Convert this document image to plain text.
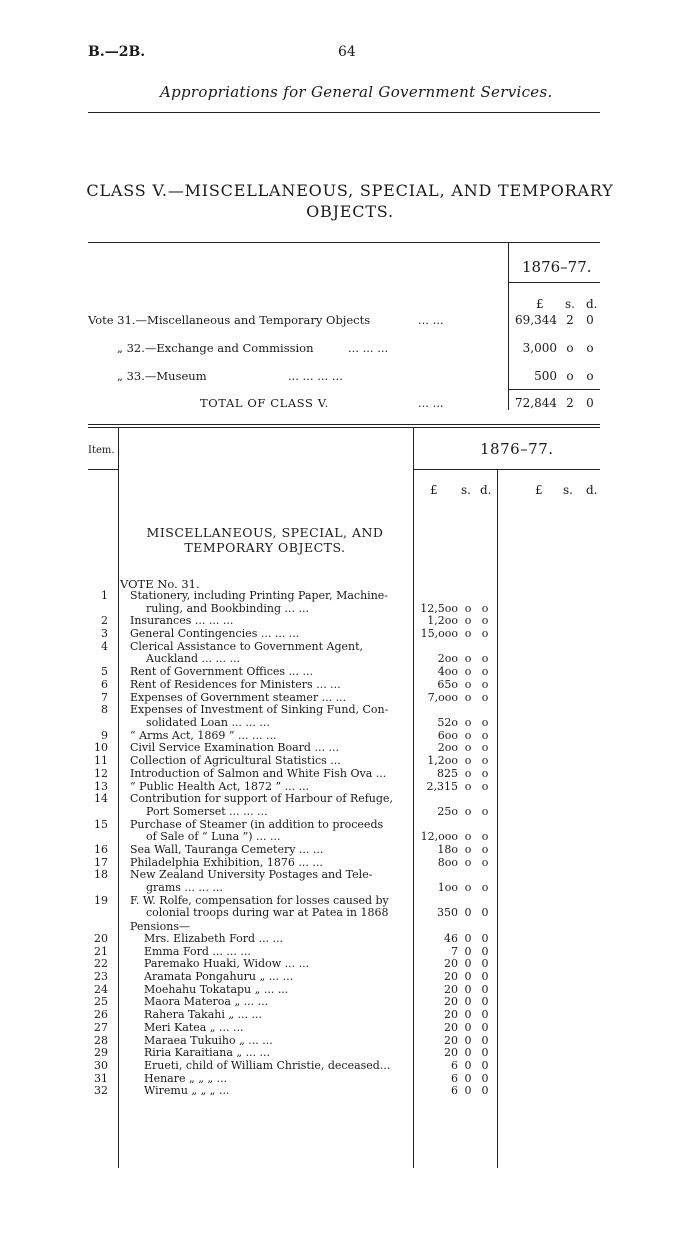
B.—2B.	64
Appropriations for General Government Services.
CLASS V.—MISCELLANEOUS, SPECIAL, AND TEMPORARY
OBJECTS.
1876–77.
£ s. d.
Vote 31.—Miscellaneous and Temporary Objects	... ...	69,344 2 0
„ 32.—Exchange and Commission	... ... ...	3,000 o o
„ 33.—Museum	... ... ... ...	500 o o
TOTAL OF CLASS V.	... ...	72,844 2 0
Item.	1876–77.
£ s. d.	£ s. d.
MISCELLANEOUS, SPECIAL, AND
TEMPORARY OBJECTS.
VOTE No. 31.
1 Stationery, including Printing Paper, Machine-
ruling, and Bookbinding ... ...	12,5oo o o
2 Insurances ... ... ...	1,2oo o o
3 General Contingencies ... ... ...	15,ooo o o
4 Clerical Assistance to Government Agent,
Auckland ... ... ...	2oo o o
5 Rent of Government Offices ... ...	4oo o o
6 Rent of Residences for Ministers ... ...	65o o o
7 Expenses of Government steamer ... ...	7,ooo o o
8 Expenses of Investment of Sinking Fund, Con-
solidated Loan ... ... ...	52o o o
9 “ Arms Act, 1869 ” ... ... ...	6oo o o
10 Civil Service Examination Board ... ...	2oo o o
11 Collection of Agricultural Statistics ...	1,2oo o o
12 Introduction of Salmon and White Fish Ova ...	825 o o
13 “ Public Health Act, 1872 ” ... ...	2,315 o o
14 Contribution for support of Harbour of Refuge,
Port Somerset ... ... ...	25o o o
15 Purchase of Steamer (in addition to proceeds
of Sale of “ Luna ”) ... ...	12,ooo o o
16 Sea Wall, Tauranga Cemetery ... ...	18o o o
17 Philadelphia Exhibition, 1876 ... ...	8oo o o
18 New Zealand University Postages and Tele-
grams ... ... ...	1oo o o
19 F. W. Rolfe, compensation for losses caused by
colonial troops during war at Patea in 1868	350 0 0
Pensions—
20	Mrs. Elizabeth Ford ... ...	46 0 0
21	Emma Ford ... ... ...	7 0 0
22	Paremako Huaki, Widow ... ...	20 0 0
23	Aramata Pongahuru „ ... ...	20 0 0
24	Moehahu Tokatapu „ ... ...	20 0 0
25	Maora Materoa „ ... ...	20 0 0
26	Rahera Takahi „ ... ...	20 0 0
27	Meri Katea „ ... ...	20 0 0
28	Maraea Tukuiho „ ... ...	20 0 0
29	Riria Karaitiana „ ... ...	20 0 0
30	Erueti, child of William Christie, deceased...	6 0 0
31	Henare „ „ „ ...	6 0 0
32	Wiremu „ „ „ ...	6 0 0
